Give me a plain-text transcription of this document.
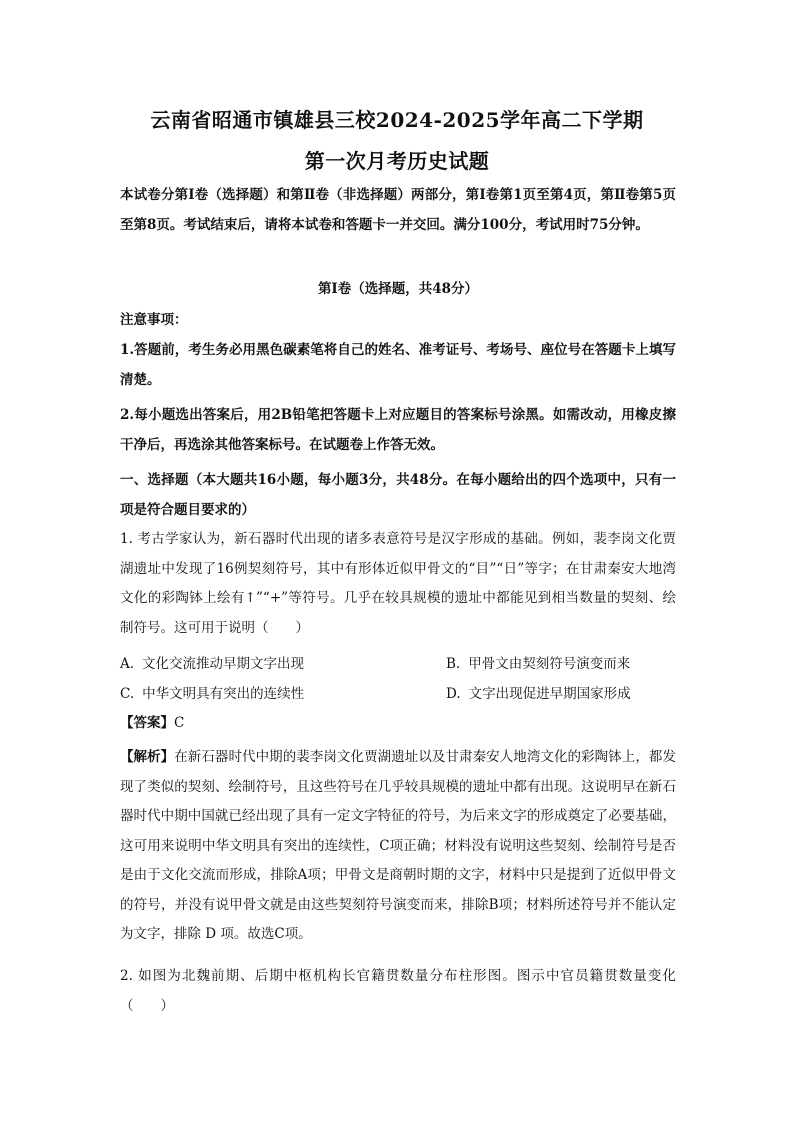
云南省昭通市镇雄县三校2024-2025学年高二下学期
第一次月考历史试题
本试卷分第Ⅰ卷（选择题）和第Ⅱ卷（非选择题）两部分，第Ⅰ卷第1页至第4页，第Ⅱ卷第5页至第8页。考试结束后，请将本试卷和答题卡一并交回。满分100分，考试用时75分钟。
第Ⅰ卷（选择题，共48分）
注意事项：
1.答题前，考生务必用黑色碳素笔将自己的姓名、准考证号、考场号、座位号在答题卡上填写清楚。
2.每小题选出答案后，用2B铅笔把答题卡上对应题目的答案标号涂黑。如需改动，用橡皮擦干净后，再选涂其他答案标号。在试题卷上作答无效。
一、选择题（本大题共16小题，每小题3分，共48分。在每小题给出的四个选项中，只有一项是符合题目要求的）
1. 考古学家认为，新石器时代出现的诸多表意符号是汉字形成的基础。例如，裴李岗文化贾湖遗址中发现了16例契刻符号，其中有形体近似甲骨文的“目”“日”等字；在甘肃秦安大地湾文化的彩陶钵上绘有↑”“+”等符号。几乎在较具规模的遗址中都能见到相当数量的契刻、绘制符号。这可用于说明（　　）
A. 文化交流推动早期文字出现	B. 甲骨文由契刻符号演变而来
C. 中华文明具有突出的连续性	D. 文字出现促进早期国家形成
【答案】C
【解析】在新石器时代中期的裴李岗文化贾湖遗址以及甘肃秦安人地湾文化的彩陶钵上，都发现了类似的契刻、绘制符号，且这些符号在几乎较具规模的遗址中都有出现。这说明早在新石器时代中期中国就已经出现了具有一定文字特征的符号，为后来文字的形成奠定了必要基础，这可用来说明中华文明具有突出的连续性，C项正确；材料没有说明这些契刻、绘制符号是否是由于文化交流而形成，排除A项；甲骨文是商朝时期的文字，材料中只是提到了近似甲骨文的符号，并没有说甲骨文就是由这些契刻符号演变而来，排除B项；材料所述符号并不能认定为文字，排除 D 项。故选C项。
2. 如图为北魏前期、后期中枢机构长官籍贯数量分布柱形图。图示中官员籍贯数量变化（　　）
